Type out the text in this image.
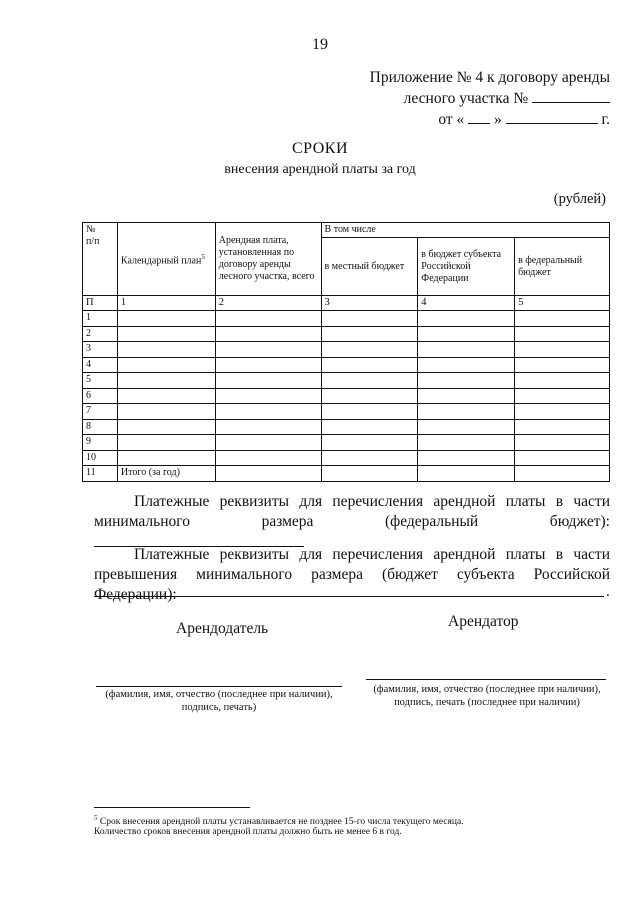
19
Приложение № 4 к договору аренды
лесного участка №
от « »	г.
СРОКИ
внесения арендной платы за год
(рублей)
№
п/п	Календарный план$^5$	Арендная плата, установленная по договору аренды лесного участка, всего	В том числе		
			в местный бюджет	в бюджет субъекта Российской Федерации	в федеральный бюджет
П	1	2	3	4	5
1					
2					
3					
4					
5					
6					
7					
8					
9					
10					
11	Итого (за год)				
Платежные реквизиты для перечисления арендной платы в части минимального размера (федеральный бюджет):
Платежные реквизиты для перечисления арендной платы в части превышения минимального размера (бюджет субъекта Российской Федерации):	.
Арендодатель	Арендатор
(фамилия, имя, отчество (последнее при наличии),
подпись, печать)
(фамилия, имя, отчество (последнее при наличии),
подпись, печать (последнее при наличии)
$^5$ Срок внесения арендной платы устанавливается не позднее 15-го числа текущего месяца.
Количество сроков внесения арендной платы должно быть не менее 6 в год.
